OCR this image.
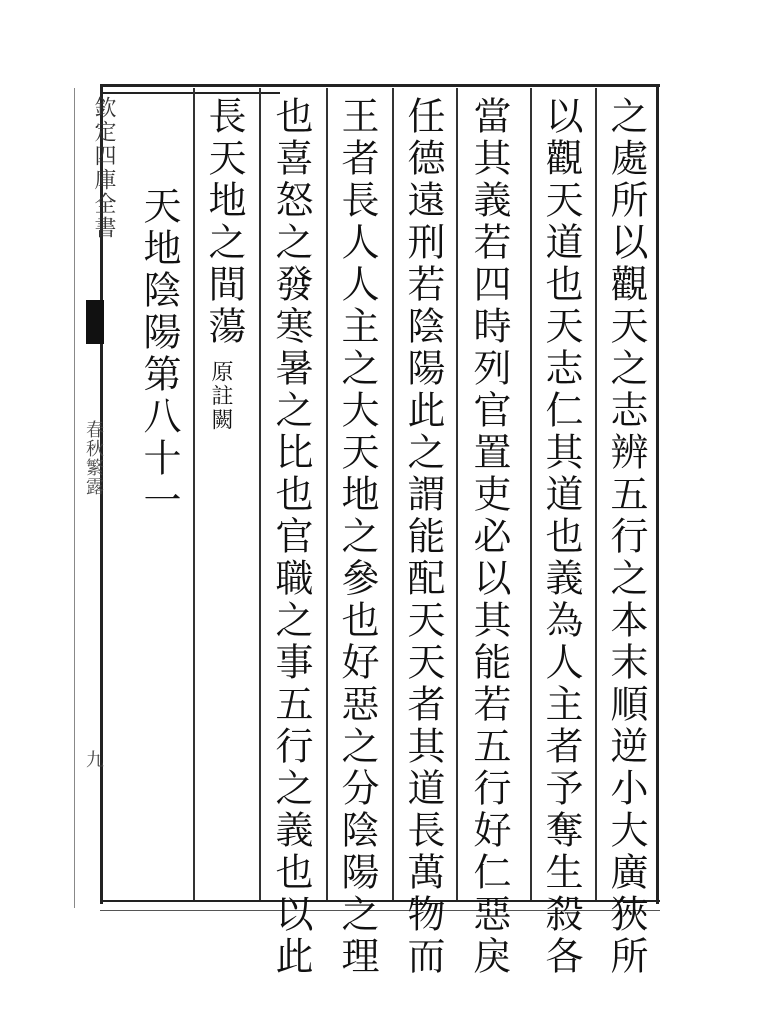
之處所以觀天之志辨五行之本末順逆小大廣狹所
以觀天道也天志仁其道也義為人主者予奪生殺各
當其義若四時列官置吏必以其能若五行好仁惡戾
任德遠刑若陰陽此之謂能配天天者其道長萬物而
王者長人人主之大天地之參也好惡之分陰陽之理
也喜怒之發寒暑之比也官職之事五行之義也以此
長天地之間蕩
原註闕
天地陰陽第八十一
欽定四庫全書
春秋繁露
九
